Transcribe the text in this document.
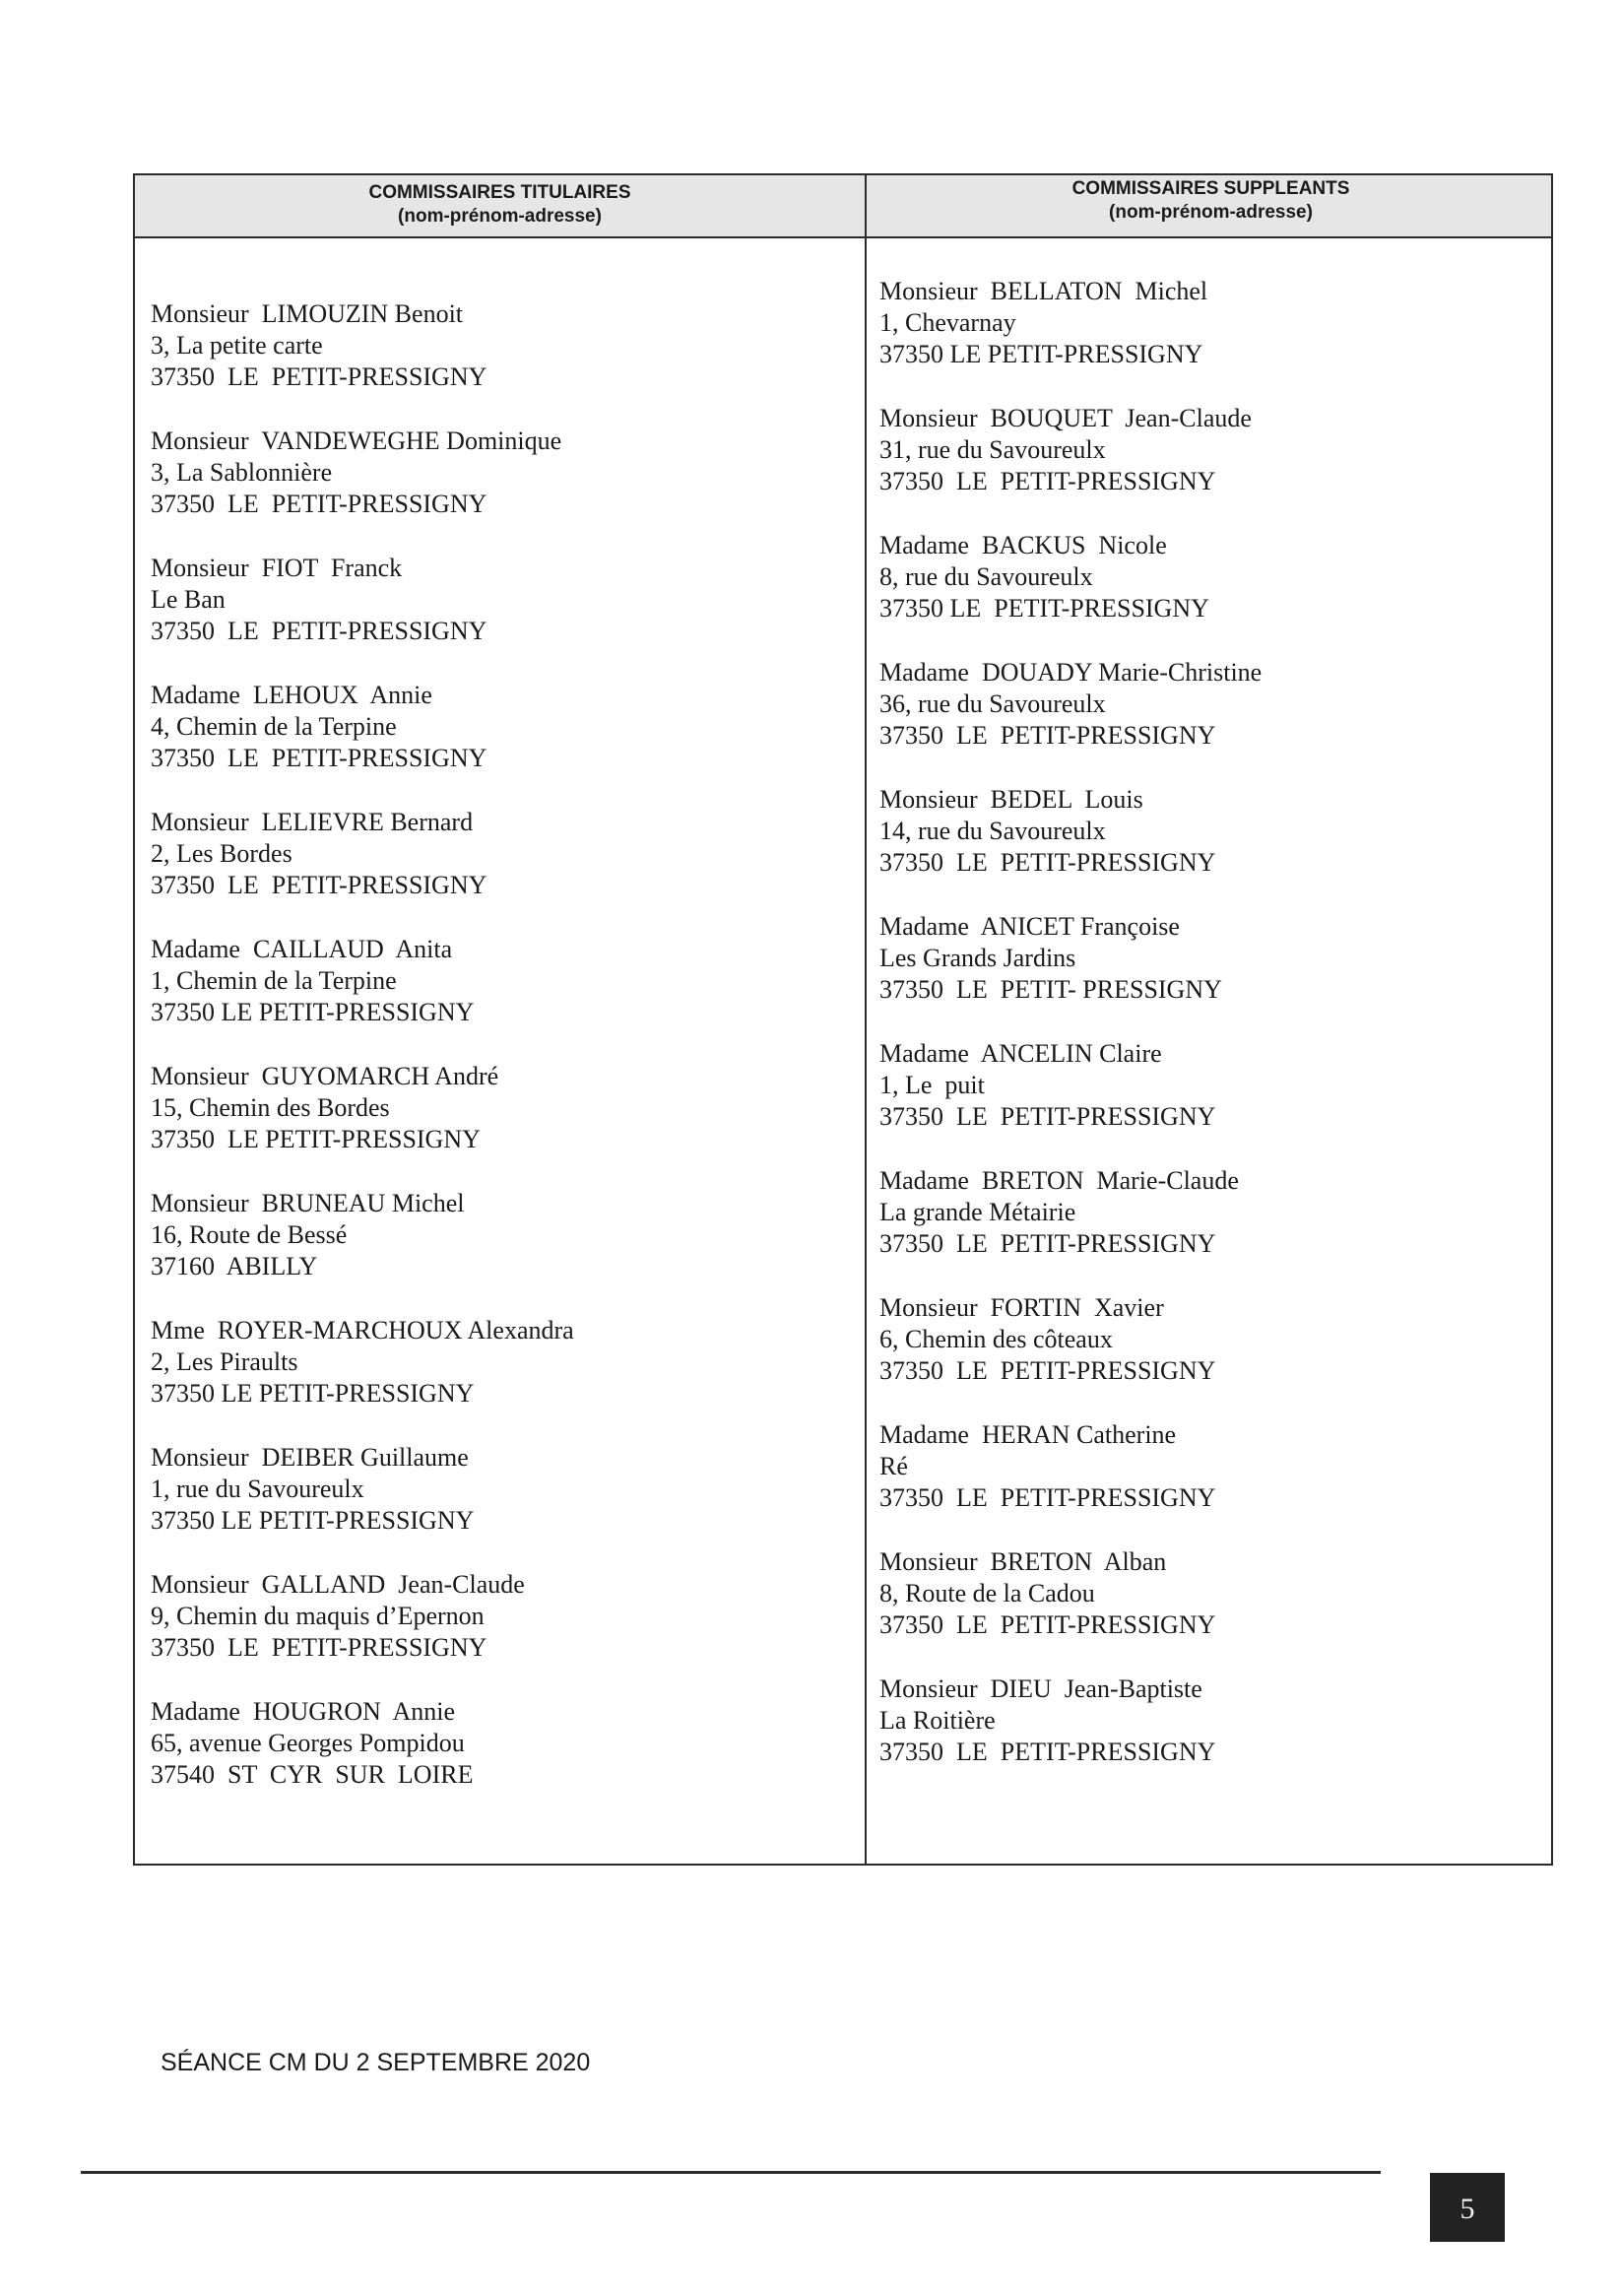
COMMISSAIRES TITULAIRES
(nom-prénom-adresse)
COMMISSAIRES SUPPLEANTS
(nom-prénom-adresse)
Monsieur  LIMOUZIN Benoit
3, La petite carte
37350  LE  PETIT-PRESSIGNY
Monsieur  VANDEWEGHE Dominique
3, La Sablonnière
37350  LE  PETIT-PRESSIGNY
Monsieur  FIOT  Franck
Le Ban
37350  LE  PETIT-PRESSIGNY
Madame  LEHOUX  Annie
4, Chemin de la Terpine
37350  LE  PETIT-PRESSIGNY
Monsieur  LELIEVRE Bernard
2, Les Bordes
37350  LE  PETIT-PRESSIGNY
Madame  CAILLAUD  Anita
1, Chemin de la Terpine
37350 LE PETIT-PRESSIGNY
Monsieur  GUYOMARCH André
15, Chemin des Bordes
37350  LE PETIT-PRESSIGNY
Monsieur  BRUNEAU Michel
16, Route de Bessé
37160  ABILLY
Mme  ROYER-MARCHOUX Alexandra
2, Les Piraults
37350 LE PETIT-PRESSIGNY
Monsieur  DEIBER Guillaume
1, rue du Savoureulx
37350 LE PETIT-PRESSIGNY
Monsieur  GALLAND  Jean-Claude
9, Chemin du maquis d’Epernon
37350  LE  PETIT-PRESSIGNY
Madame  HOUGRON  Annie
65, avenue Georges Pompidou
37540  ST  CYR  SUR  LOIRE
Monsieur  BELLATON  Michel
1, Chevarnay
37350 LE PETIT-PRESSIGNY
Monsieur  BOUQUET  Jean-Claude
31, rue du Savoureulx
37350  LE  PETIT-PRESSIGNY
Madame  BACKUS  Nicole
8, rue du Savoureulx
37350 LE  PETIT-PRESSIGNY
Madame  DOUADY Marie-Christine
36, rue du Savoureulx
37350  LE  PETIT-PRESSIGNY
Monsieur  BEDEL  Louis
14, rue du Savoureulx
37350  LE  PETIT-PRESSIGNY
Madame  ANICET Françoise
Les Grands Jardins
37350  LE  PETIT- PRESSIGNY
Madame  ANCELIN Claire
1, Le  puit
37350  LE  PETIT-PRESSIGNY
Madame  BRETON  Marie-Claude
La grande Métairie
37350  LE  PETIT-PRESSIGNY
Monsieur  FORTIN  Xavier
6, Chemin des côteaux
37350  LE  PETIT-PRESSIGNY
Madame  HERAN Catherine
Ré
37350  LE  PETIT-PRESSIGNY
Monsieur  BRETON  Alban
8, Route de la Cadou
37350  LE  PETIT-PRESSIGNY
Monsieur  DIEU  Jean-Baptiste
La Roitière
37350  LE  PETIT-PRESSIGNY
SÉANCE CM DU 2 SEPTEMBRE 2020
5
